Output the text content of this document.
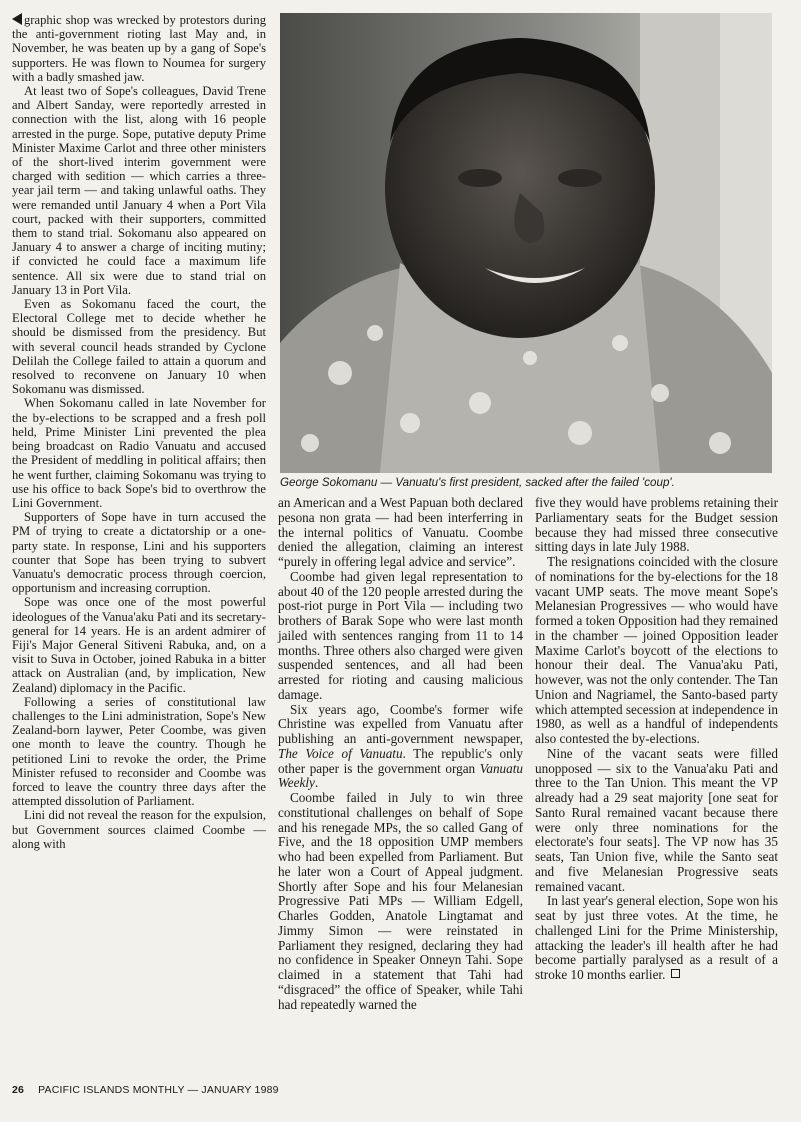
graphic shop was wrecked by protestors during the anti-government rioting last May and, in November, he was beaten up by a gang of Sope's supporters. He was flown to Noumea for surgery with a badly smashed jaw.

At least two of Sope's colleagues, David Trene and Albert Sanday, were reportedly arrested in connection with the list, along with 16 people arrested in the purge. Sope, putative deputy Prime Minister Maxime Carlot and three other ministers of the short-lived interim government were charged with sedition — which carries a three-year jail term — and taking unlawful oaths. They were remanded until January 4 when a Port Vila court, packed with their supporters, committed them to stand trial. Sokomanu also appeared on January 4 to answer a charge of inciting mutiny; if convicted he could face a maximum life sentence. All six were due to stand trial on January 13 in Port Vila.

Even as Sokomanu faced the court, the Electoral College met to decide whether he should be dismissed from the presidency. But with several council heads stranded by Cyclone Delilah the College failed to attain a quorum and resolved to reconvene on January 10 when Sokomanu was dismissed.

When Sokomanu called in late November for the by-elections to be scrapped and a fresh poll held, Prime Minister Lini prevented the plea being broadcast on Radio Vanuatu and accused the President of meddling in political affairs; then he went further, claiming Sokomanu was trying to use his office to back Sope's bid to overthrow the Lini Government.

Supporters of Sope have in turn accused the PM of trying to create a dictatorship or a one-party state. In response, Lini and his supporters counter that Sope has been trying to subvert Vanuatu's democratic process through coercion, opportunism and increasing corruption.

Sope was once one of the most powerful ideologues of the Vanua'aku Pati and its secretary-general for 14 years. He is an ardent admirer of Fiji's Major General Sitiveni Rabuka, and, on a visit to Suva in October, joined Rabuka in a bitter attack on Australian (and, by implication, New Zealand) diplomacy in the Pacific.

Following a series of constitutional law challenges to the Lini administration, Sope's New Zealand-born laywer, Peter Coombe, was given one month to leave the country. Though he petitioned Lini to revoke the order, the Prime Minister refused to reconsider and Coombe was forced to leave the country three days after the attempted dissolution of Parliament.

Lini did not reveal the reason for the expulsion, but Government sources claimed Coombe — along with

George Sokomanu — Vanuatu's first president, sacked after the failed 'coup'.

an American and a West Papuan both declared pesona non grata — had been interferring in the internal politics of Vanuatu. Coombe denied the allegation, claiming an interest “purely in offering legal advice and service”.

Coombe had given legal representation to about 40 of the 120 people arrested during the post-riot purge in Port Vila — including two brothers of Barak Sope who were last month jailed with sentences ranging from 11 to 14 months. Three others also charged were given suspended sentences, and all had been arrested for rioting and causing malicious damage.

Six years ago, Coombe's former wife Christine was expelled from Vanuatu after publishing an anti-government newspaper, The Voice of Vanuatu. The republic's only other paper is the government organ Vanuatu Weekly.

Coombe failed in July to win three constitutional challenges on behalf of Sope and his renegade MPs, the so called Gang of Five, and the 18 opposition UMP members who had been expelled from Parliament. But he later won a Court of Appeal judgment. Shortly after Sope and his four Melanesian Progressive Pati MPs — William Edgell, Charles Godden, Anatole Lingtamat and Jimmy Simon — were reinstated in Parliament they resigned, declaring they had no confidence in Speaker Onneyn Tahi. Sope claimed in a statement that Tahi had “disgraced” the office of Speaker, while Tahi had repeatedly warned the

five they would have problems retaining their Parliamentary seats for the Budget session because they had missed three consecutive sitting days in late July 1988.

The resignations coincided with the closure of nominations for the by-elections for the 18 vacant UMP seats. The move meant Sope's Melanesian Progressives — who would have formed a token Opposition had they remained in the chamber — joined Opposition leader Maxime Carlot's boycott of the elections to honour their deal. The Vanua'aku Pati, however, was not the only contender. The Tan Union and Nagriamel, the Santo-based party which attempted secession at independence in 1980, as well as a handful of independents also contested the by-elections.

Nine of the vacant seats were filled unopposed — six to the Vanua'aku Pati and three to the Tan Union. This meant the VP already had a 29 seat majority [one seat for Santo Rural remained vacant because there were only three nominations for the electorate's four seats]. The VP now has 35 seats, Tan Union five, while the Santo seat and five Melanesian Progressive seats remained vacant.

In last year's general election, Sope won his seat by just three votes. At the time, he challenged Lini for the Prime Ministership, attacking the leader's ill health after he had become partially paralysed as a result of a stroke 10 months earlier.

26 PACIFIC ISLANDS MONTHLY — JANUARY 1989
